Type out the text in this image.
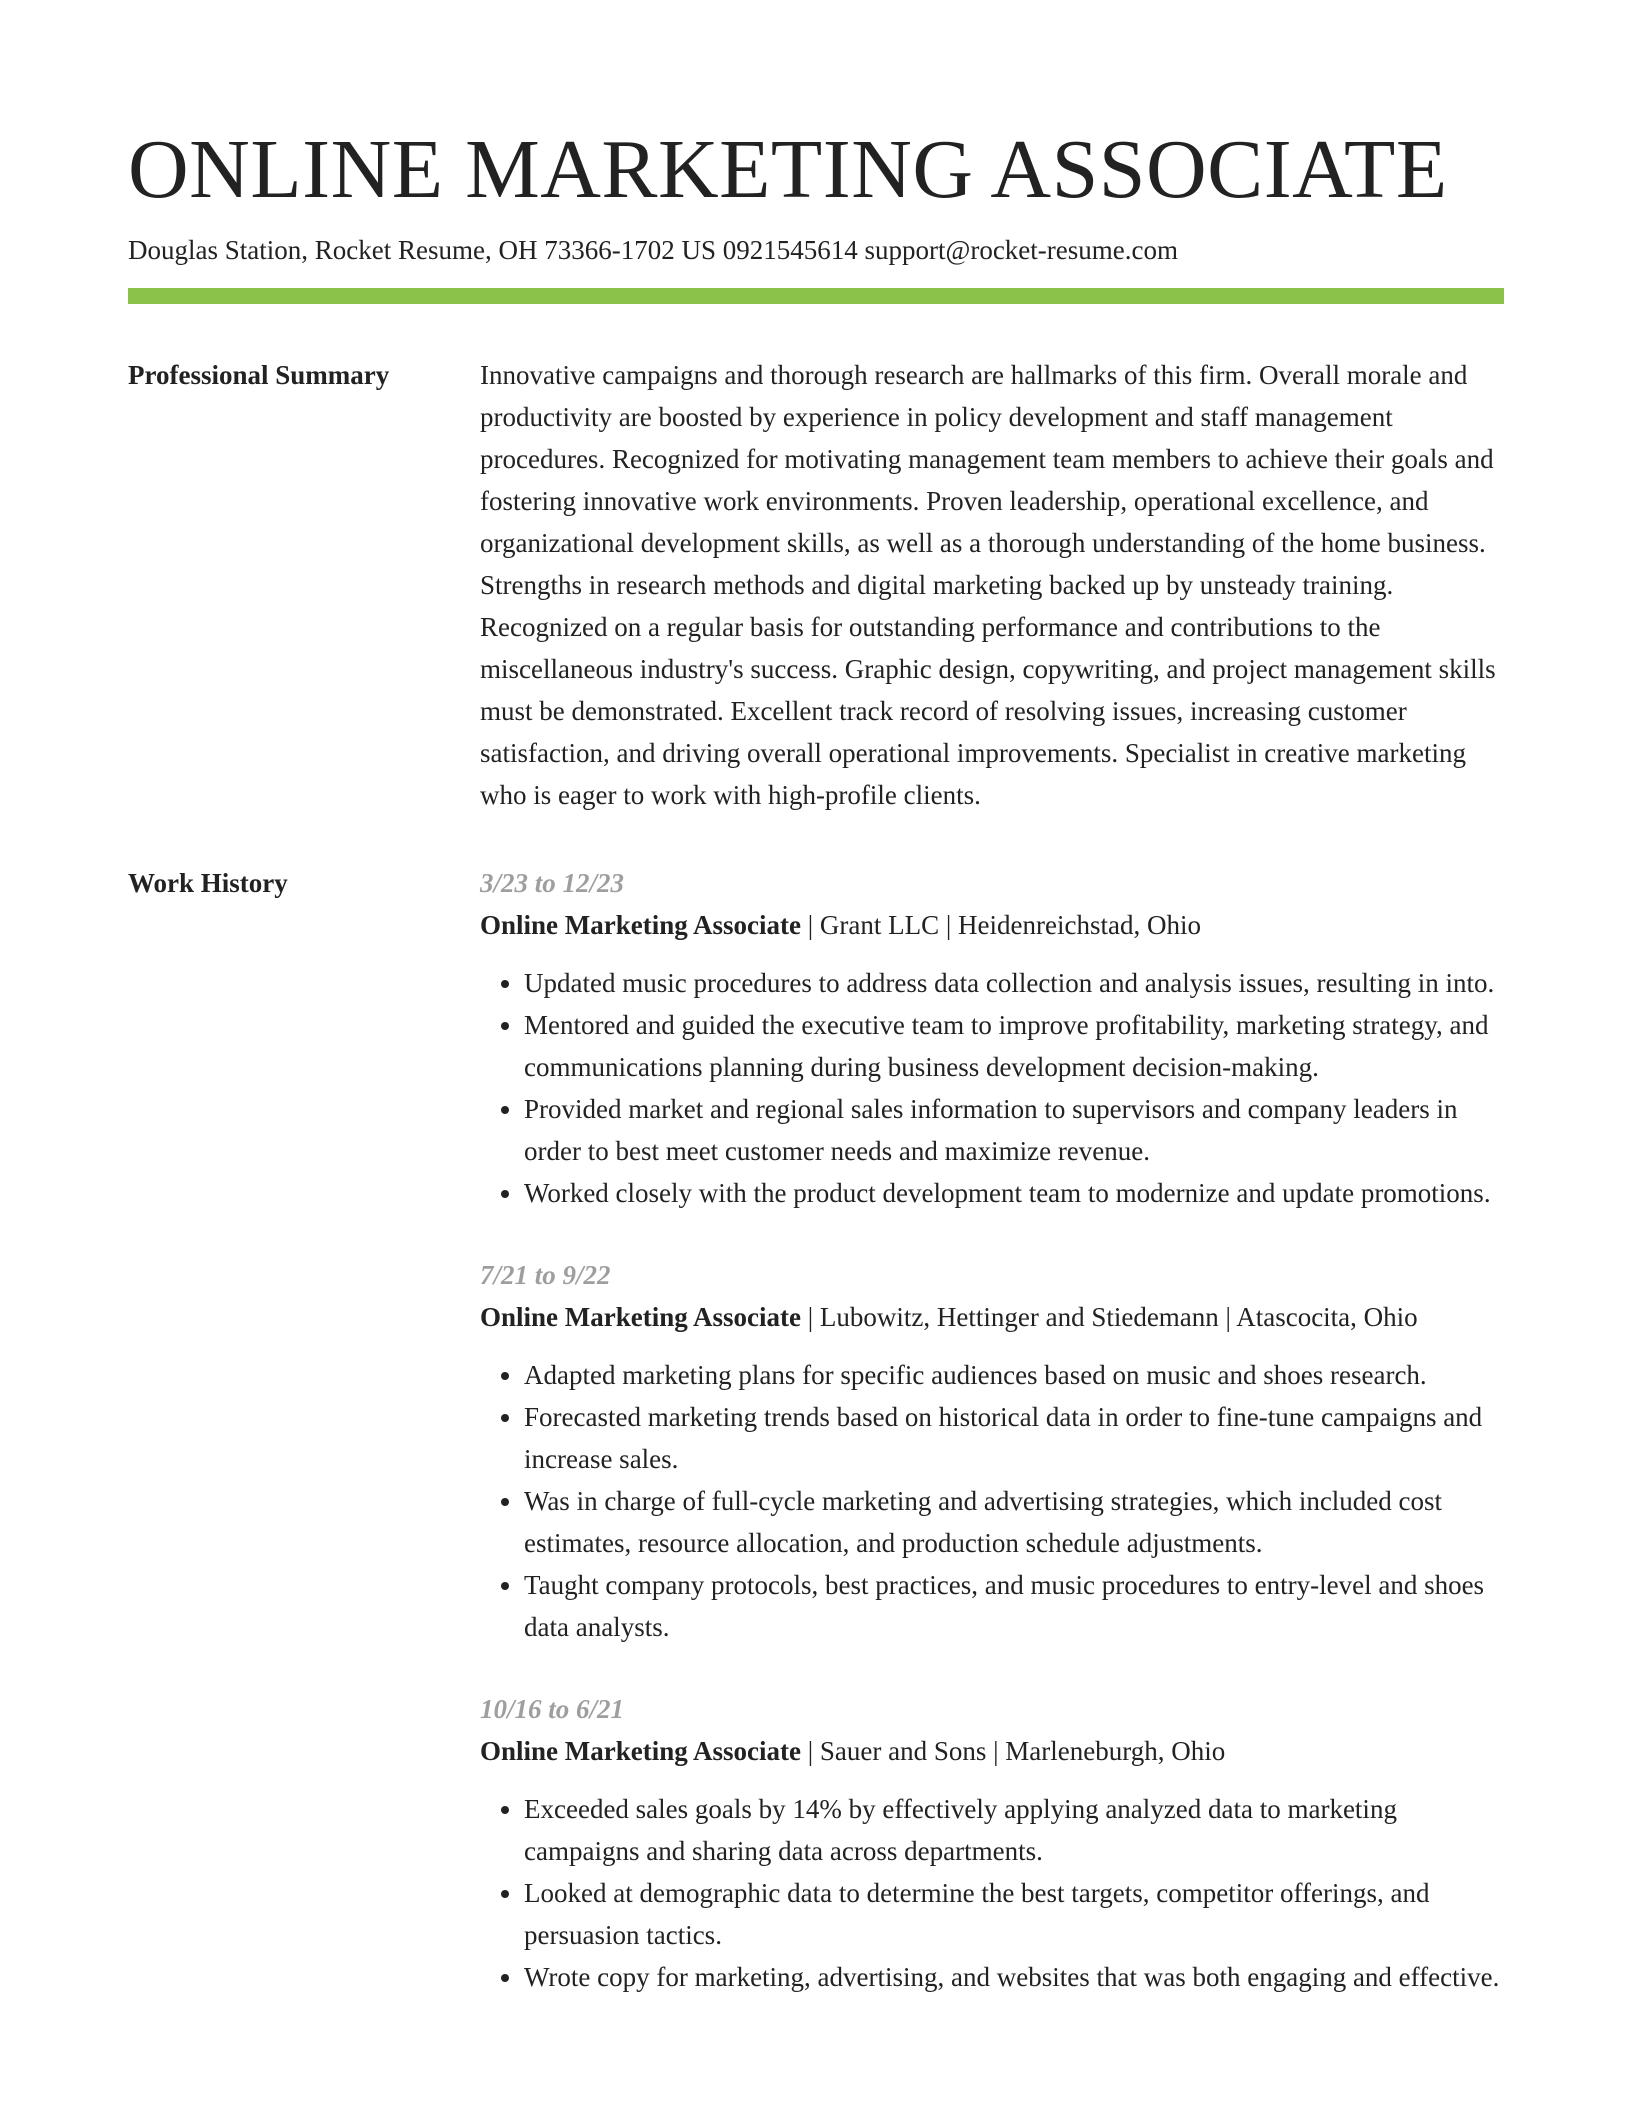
ONLINE MARKETING ASSOCIATE
Douglas Station, Rocket Resume, OH 73366-1702 US 0921545614 support@rocket-resume.com
Professional Summary	Innovative campaigns and thorough research are hallmarks of this firm. Overall morale and productivity are boosted by experience in policy development and staff management procedures. Recognized for motivating management team members to achieve their goals and fostering innovative work environments. Proven leadership, operational excellence, and organizational development skills, as well as a thorough understanding of the home business. Strengths in research methods and digital marketing backed up by unsteady training. Recognized on a regular basis for outstanding performance and contributions to the miscellaneous industry's success. Graphic design, copywriting, and project management skills must be demonstrated. Excellent track record of resolving issues, increasing customer satisfaction, and driving overall operational improvements. Specialist in creative marketing who is eager to work with high-profile clients.

Work History	3/23 to 12/23
Online Marketing Associate | Grant LLC | Heidenreichstad, Ohio
• Updated music procedures to address data collection and analysis issues, resulting in into.
• Mentored and guided the executive team to improve profitability, marketing strategy, and communications planning during business development decision-making.
• Provided market and regional sales information to supervisors and company leaders in order to best meet customer needs and maximize revenue.
• Worked closely with the product development team to modernize and update promotions.
7/21 to 9/22
Online Marketing Associate | Lubowitz, Hettinger and Stiedemann | Atascocita, Ohio
• Adapted marketing plans for specific audiences based on music and shoes research.
• Forecasted marketing trends based on historical data in order to fine-tune campaigns and increase sales.
• Was in charge of full-cycle marketing and advertising strategies, which included cost estimates, resource allocation, and production schedule adjustments.
• Taught company protocols, best practices, and music procedures to entry-level and shoes data analysts.
10/16 to 6/21
Online Marketing Associate | Sauer and Sons | Marleneburgh, Ohio
• Exceeded sales goals by 14% by effectively applying analyzed data to marketing campaigns and sharing data across departments.
• Looked at demographic data to determine the best targets, competitor offerings, and persuasion tactics.
• Wrote copy for marketing, advertising, and websites that was both engaging and effective.
